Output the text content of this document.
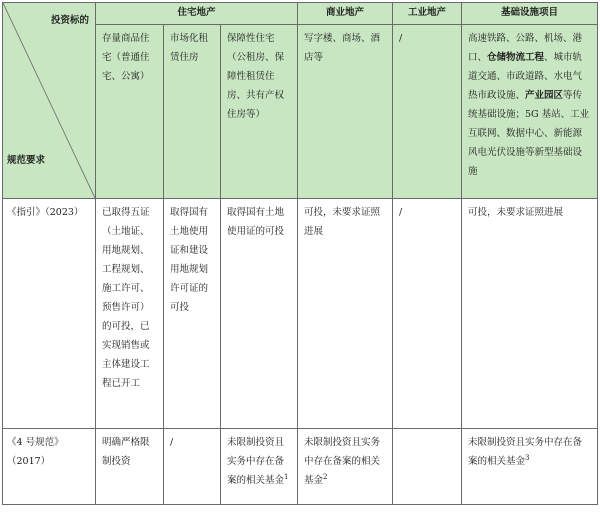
投资标的
规范要求	住宅地产			商业地产	工业地产	基础设施项目
	存量商品住宅（普通住宅、公寓）	市场化租赁住房	保障性住宅（公租房、保障性租赁住房、共有产权住房等）	写字楼、商场、酒店等	/	高速铁路、公路、机场、港口、仓储物流工程、城市轨道交通、市政道路、水电气热市政设施、产业园区等传统基础设施；5G 基站、工业互联网、数据中心、新能源风电光伏设施等新型基础设施
《指引》（2023）	已取得五证（土地证、用地规划、工程规划、施工许可、预售许可）的可投，已实现销售或主体建设工程已开工	取得国有土地使用证和建设用地规划许可证的可投	取得国有土地使用证的可投	可投，未要求证照进展	/	可投，未要求证照进展
《4 号规范》（2017）	明确严格限制投资	/	未限制投资且实务中存在备案的相关基金$^1$	未限制投资且实务中存在备案的相关基金$^2$		未限制投资且实务中存在备案的相关基金$^3$
